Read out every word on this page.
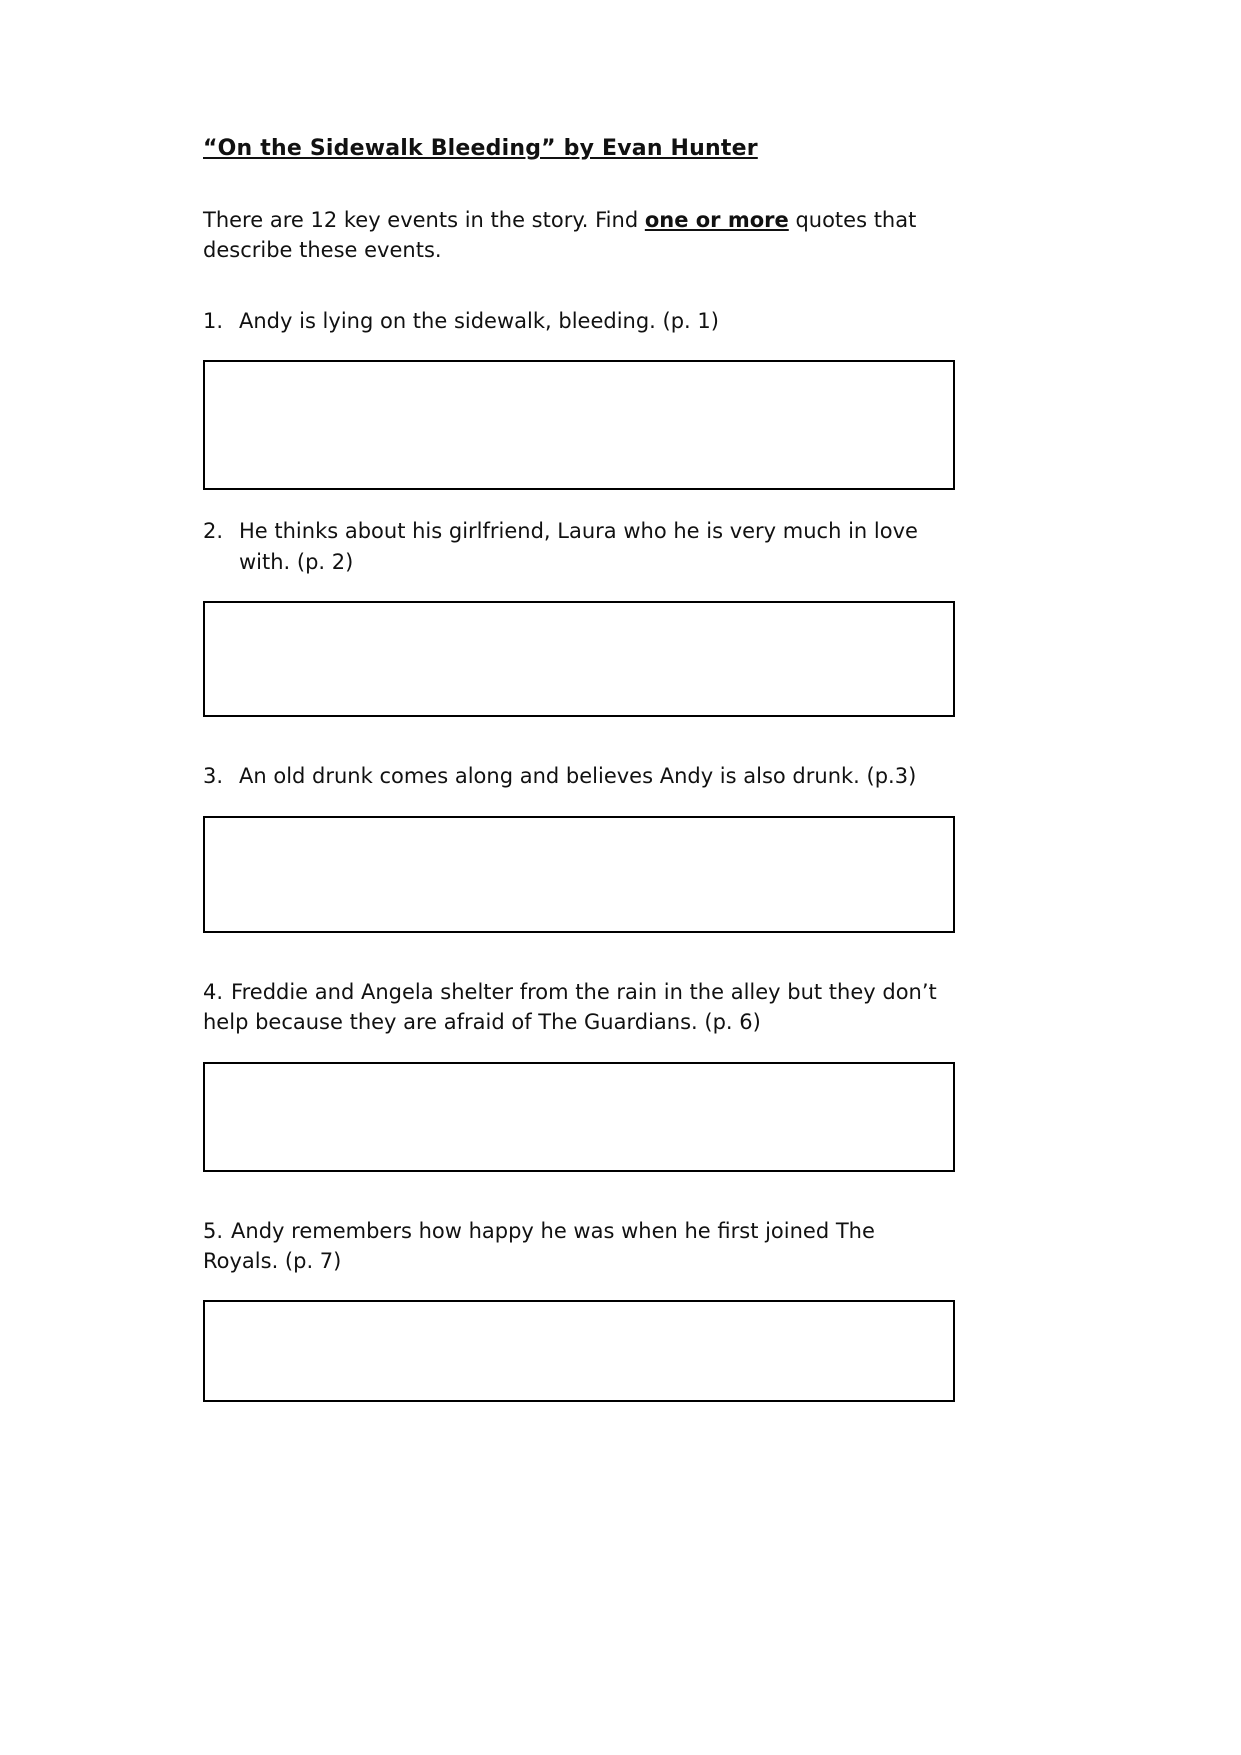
“On the Sidewalk Bleeding” by Evan Hunter

There are 12 key events in the story. Find one or more quotes that describe these events.

1. Andy is lying on the sidewalk, bleeding. (p. 1)
2. He thinks about his girlfriend, Laura who he is very much in love with. (p. 2)
3. An old drunk comes along and believes Andy is also drunk. (p.3)
4. Freddie and Angela shelter from the rain in the alley but they don’t help because they are afraid of The Guardians. (p. 6)
5. Andy remembers how happy he was when he first joined The Royals. (p. 7)
